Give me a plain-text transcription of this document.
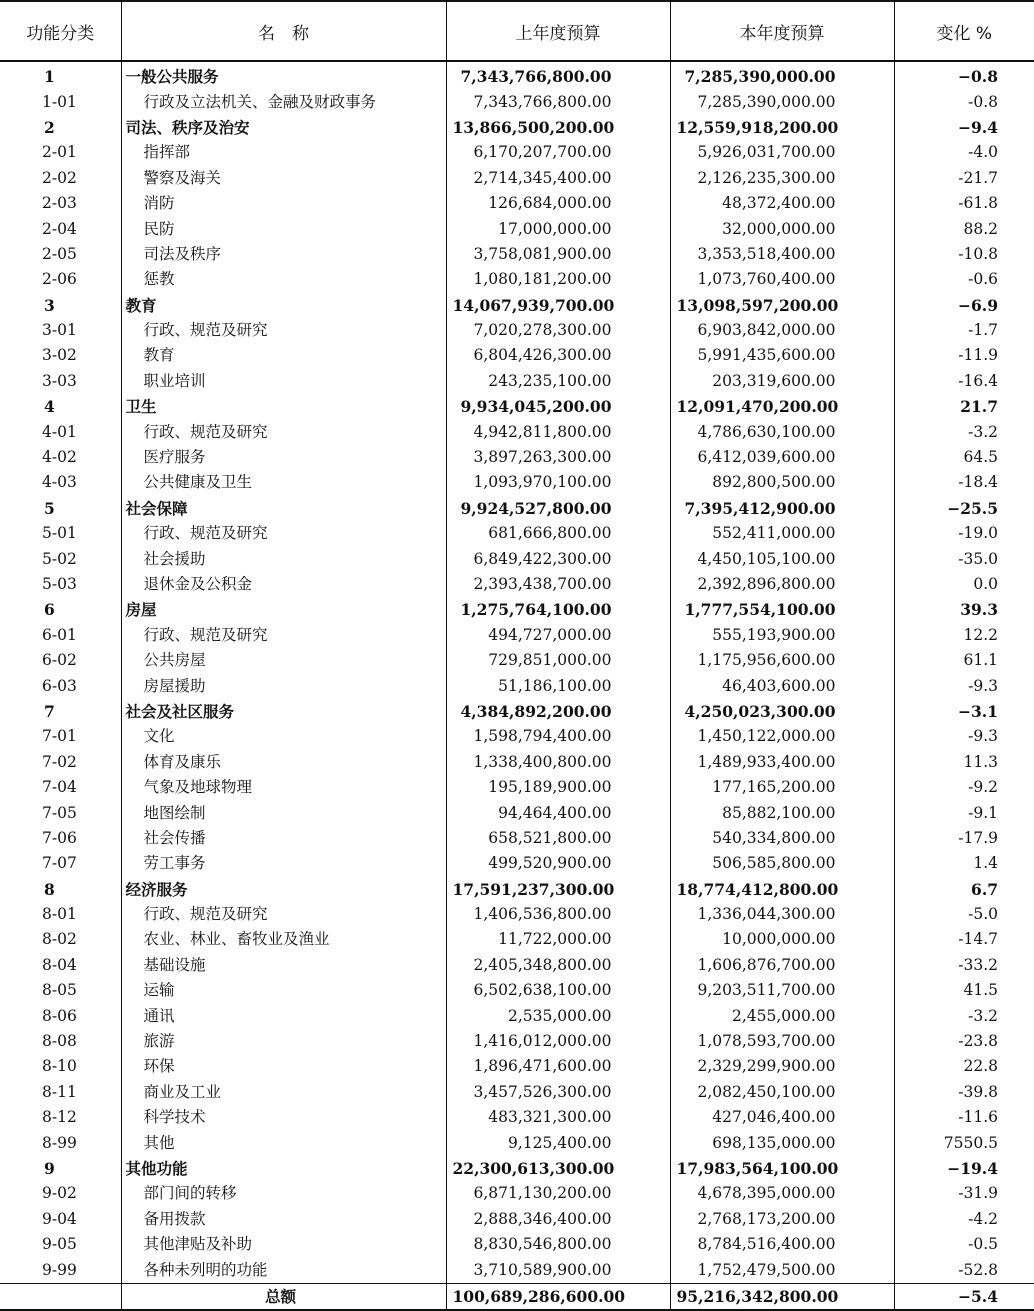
功能分类	名　称	上年度预算	本年度预算	变化 %
1	一般公共服务	7,343,766,800.00	7,285,390,000.00	−0.8
1-01	行政及立法机关、金融及财政事务	7,343,766,800.00	7,285,390,000.00	-0.8
2	司法、秩序及治安	13,866,500,200.00	12,559,918,200.00	−9.4
2-01	指挥部	6,170,207,700.00	5,926,031,700.00	-4.0
2-02	警察及海关	2,714,345,400.00	2,126,235,300.00	-21.7
2-03	消防	126,684,000.00	48,372,400.00	-61.8
2-04	民防	17,000,000.00	32,000,000.00	88.2
2-05	司法及秩序	3,758,081,900.00	3,353,518,400.00	-10.8
2-06	惩教	1,080,181,200.00	1,073,760,400.00	-0.6
3	教育	14,067,939,700.00	13,098,597,200.00	−6.9
3-01	行政、规范及研究	7,020,278,300.00	6,903,842,000.00	-1.7
3-02	教育	6,804,426,300.00	5,991,435,600.00	-11.9
3-03	职业培训	243,235,100.00	203,319,600.00	-16.4
4	卫生	9,934,045,200.00	12,091,470,200.00	21.7
4-01	行政、规范及研究	4,942,811,800.00	4,786,630,100.00	-3.2
4-02	医疗服务	3,897,263,300.00	6,412,039,600.00	64.5
4-03	公共健康及卫生	1,093,970,100.00	892,800,500.00	-18.4
5	社会保障	9,924,527,800.00	7,395,412,900.00	−25.5
5-01	行政、规范及研究	681,666,800.00	552,411,000.00	-19.0
5-02	社会援助	6,849,422,300.00	4,450,105,100.00	-35.0
5-03	退休金及公积金	2,393,438,700.00	2,392,896,800.00	0.0
6	房屋	1,275,764,100.00	1,777,554,100.00	39.3
6-01	行政、规范及研究	494,727,000.00	555,193,900.00	12.2
6-02	公共房屋	729,851,000.00	1,175,956,600.00	61.1
6-03	房屋援助	51,186,100.00	46,403,600.00	-9.3
7	社会及社区服务	4,384,892,200.00	4,250,023,300.00	−3.1
7-01	文化	1,598,794,400.00	1,450,122,000.00	-9.3
7-02	体育及康乐	1,338,400,800.00	1,489,933,400.00	11.3
7-04	气象及地球物理	195,189,900.00	177,165,200.00	-9.2
7-05	地图绘制	94,464,400.00	85,882,100.00	-9.1
7-06	社会传播	658,521,800.00	540,334,800.00	-17.9
7-07	劳工事务	499,520,900.00	506,585,800.00	1.4
8	经济服务	17,591,237,300.00	18,774,412,800.00	6.7
8-01	行政、规范及研究	1,406,536,800.00	1,336,044,300.00	-5.0
8-02	农业、林业、畜牧业及渔业	11,722,000.00	10,000,000.00	-14.7
8-04	基础设施	2,405,348,800.00	1,606,876,700.00	-33.2
8-05	运输	6,502,638,100.00	9,203,511,700.00	41.5
8-06	通讯	2,535,000.00	2,455,000.00	-3.2
8-08	旅游	1,416,012,000.00	1,078,593,700.00	-23.8
8-10	环保	1,896,471,600.00	2,329,299,900.00	22.8
8-11	商业及工业	3,457,526,300.00	2,082,450,100.00	-39.8
8-12	科学技术	483,321,300.00	427,046,400.00	-11.6
8-99	其他	9,125,400.00	698,135,000.00	7550.5
9	其他功能	22,300,613,300.00	17,983,564,100.00	−19.4
9-02	部门间的转移	6,871,130,200.00	4,678,395,000.00	-31.9
9-04	备用拨款	2,888,346,400.00	2,768,173,200.00	-4.2
9-05	其他津贴及补助	8,830,546,800.00	8,784,516,400.00	-0.5
9-99	各种未列明的功能	3,710,589,900.00	1,752,479,500.00	-52.8
	总额	100,689,286,600.00	95,216,342,800.00	−5.4
